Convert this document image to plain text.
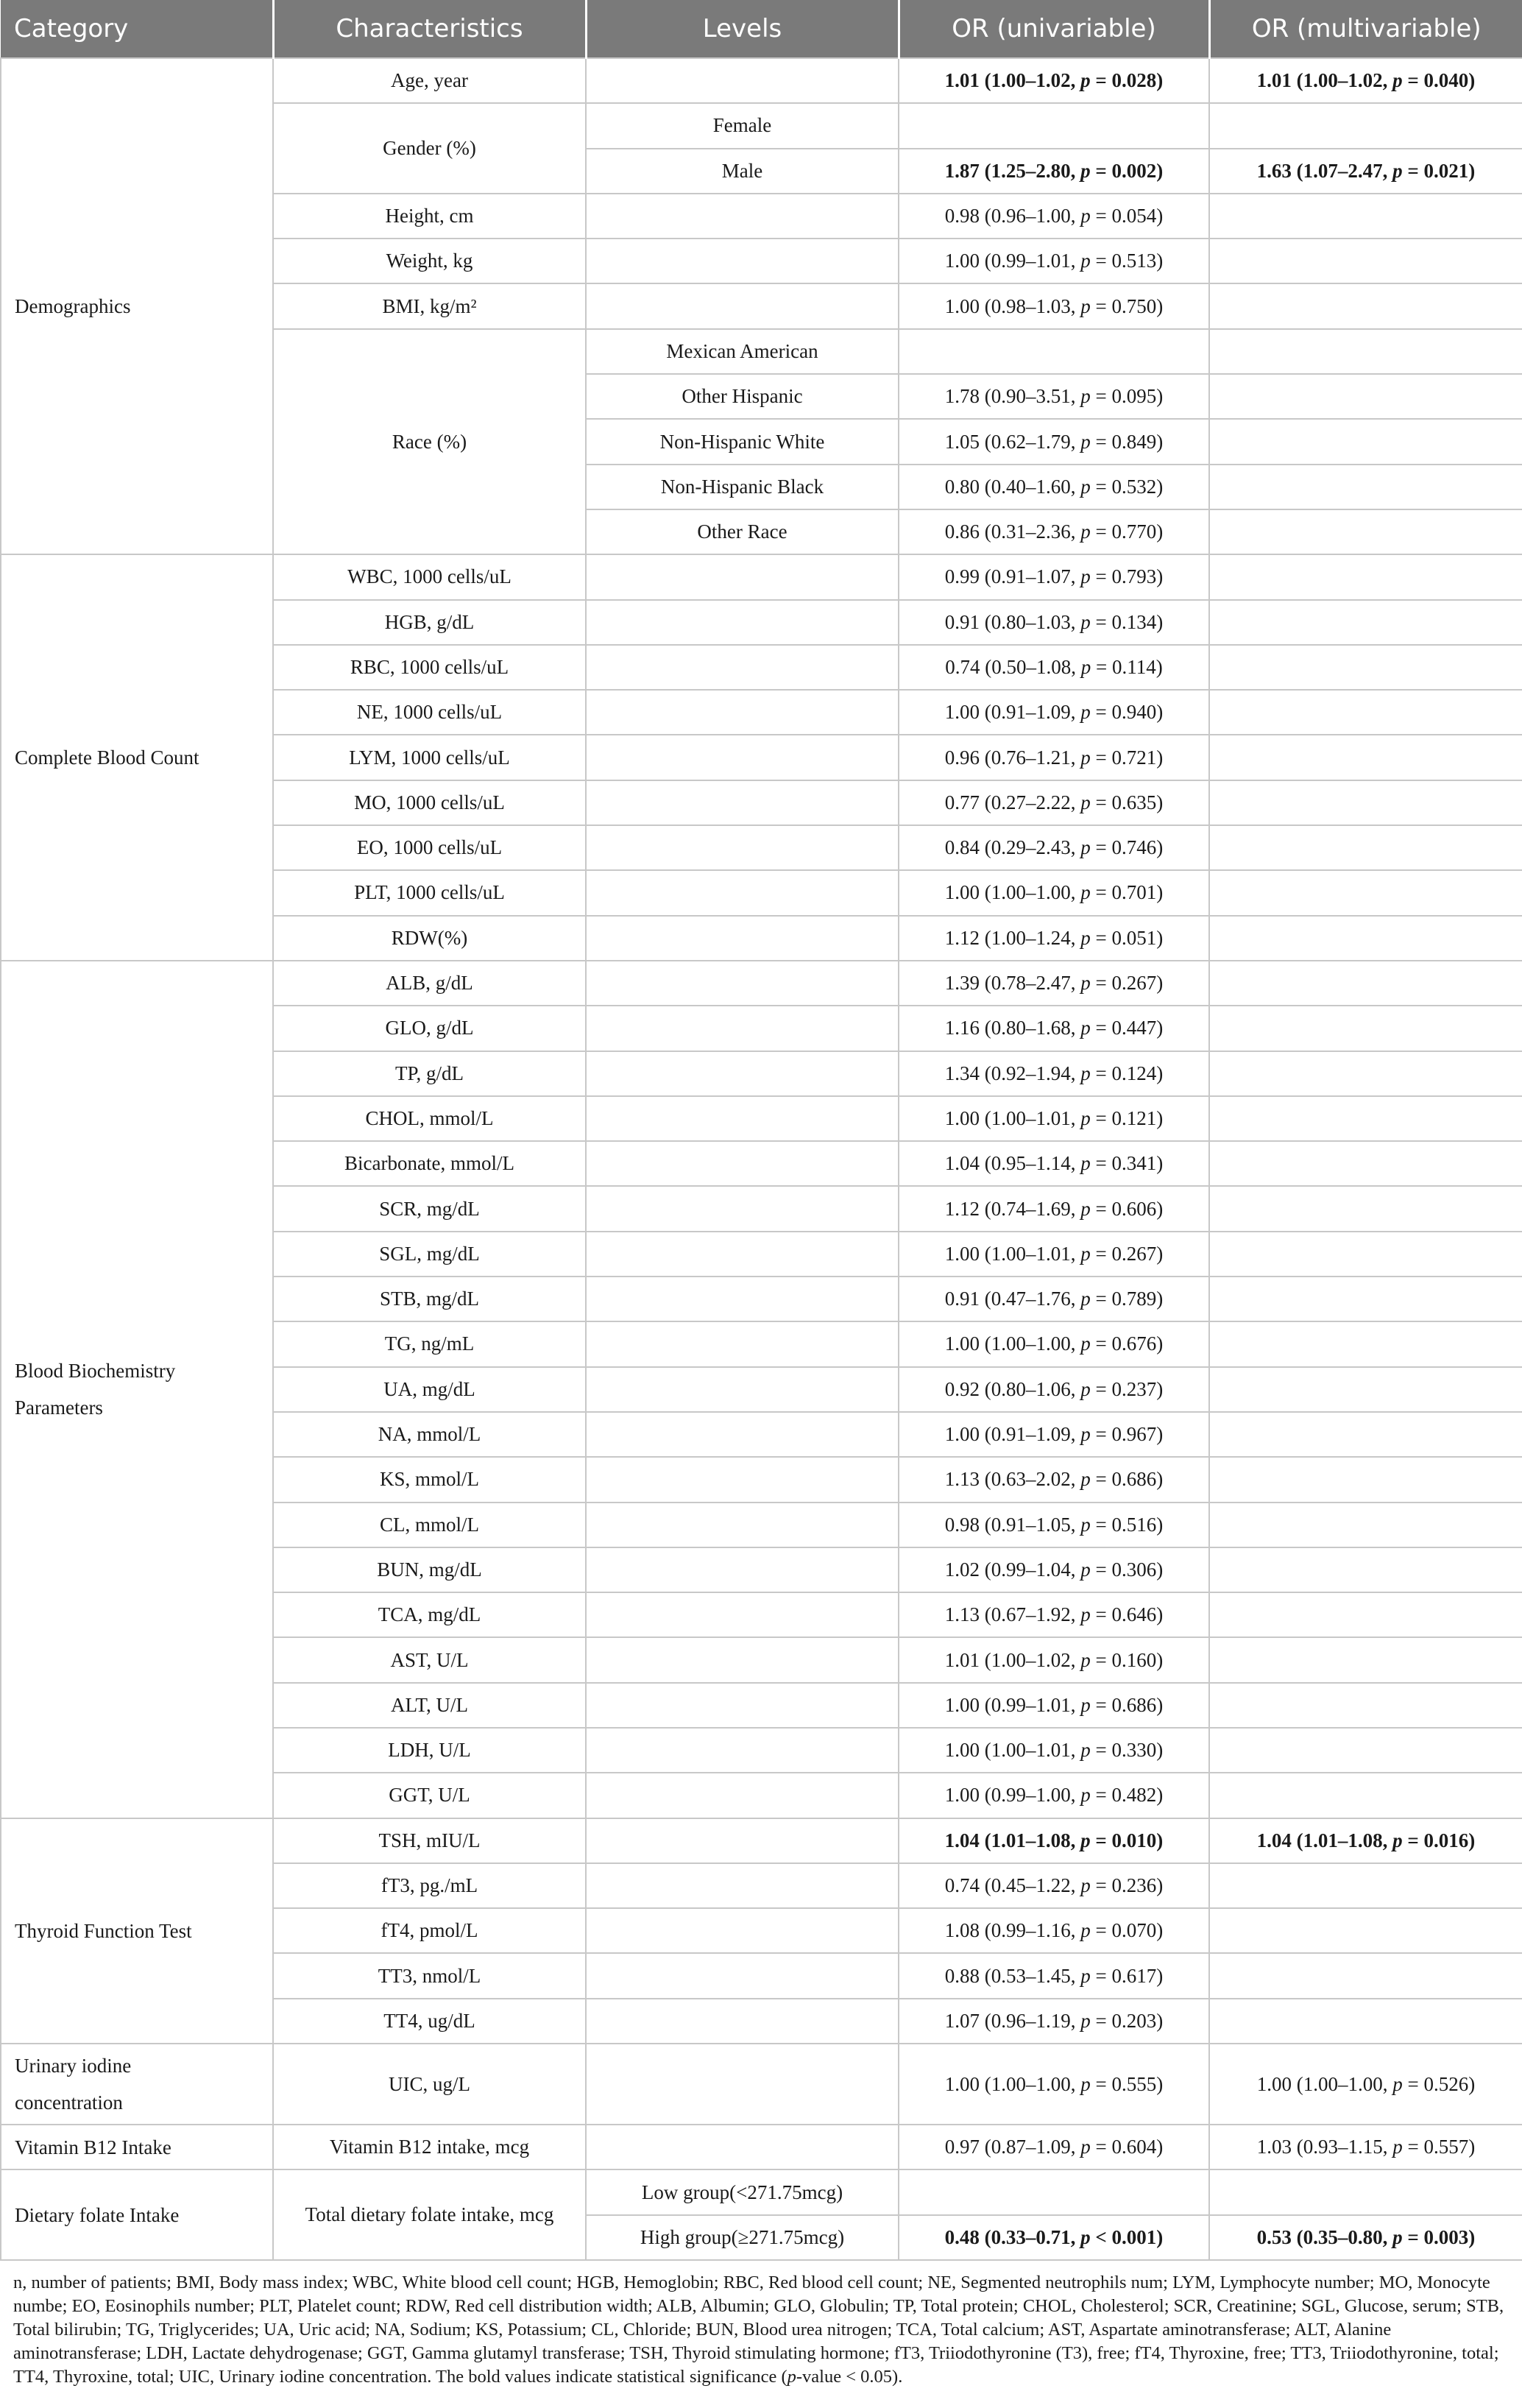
Category	Characteristics	Levels	OR (univariable)	OR (multivariable)
Demographics	Age, year		1.01 (1.00–1.02, p = 0.028)	1.01 (1.00–1.02, p = 0.040)
	Gender (%)	Female		
		Male	1.87 (1.25–2.80, p = 0.002)	1.63 (1.07–2.47, p = 0.021)
	Height, cm		0.98 (0.96–1.00, p = 0.054)	
	Weight, kg		1.00 (0.99–1.01, p = 0.513)	
	BMI, kg/m²		1.00 (0.98–1.03, p = 0.750)	
	Race (%)	Mexican American		
		Other Hispanic	1.78 (0.90–3.51, p = 0.095)	
		Non-Hispanic White	1.05 (0.62–1.79, p = 0.849)	
		Non-Hispanic Black	0.80 (0.40–1.60, p = 0.532)	
		Other Race	0.86 (0.31–2.36, p = 0.770)	
Complete Blood Count	WBC, 1000 cells/uL		0.99 (0.91–1.07, p = 0.793)	
	HGB, g/dL		0.91 (0.80–1.03, p = 0.134)	
	RBC, 1000 cells/uL		0.74 (0.50–1.08, p = 0.114)	
	NE, 1000 cells/uL		1.00 (0.91–1.09, p = 0.940)	
	LYM, 1000 cells/uL		0.96 (0.76–1.21, p = 0.721)	
	MO, 1000 cells/uL		0.77 (0.27–2.22, p = 0.635)	
	EO, 1000 cells/uL		0.84 (0.29–2.43, p = 0.746)	
	PLT, 1000 cells/uL		1.00 (1.00–1.00, p = 0.701)	
	RDW(%)		1.12 (1.00–1.24, p = 0.051)	
Blood Biochemistry
Parameters	ALB, g/dL		1.39 (0.78–2.47, p = 0.267)	
	GLO, g/dL		1.16 (0.80–1.68, p = 0.447)	
	TP, g/dL		1.34 (0.92–1.94, p = 0.124)	
	CHOL, mmol/L		1.00 (1.00–1.01, p = 0.121)	
	Bicarbonate, mmol/L		1.04 (0.95–1.14, p = 0.341)	
	SCR, mg/dL		1.12 (0.74–1.69, p = 0.606)	
	SGL, mg/dL		1.00 (1.00–1.01, p = 0.267)	
	STB, mg/dL		0.91 (0.47–1.76, p = 0.789)	
	TG, ng/mL		1.00 (1.00–1.00, p = 0.676)	
	UA, mg/dL		0.92 (0.80–1.06, p = 0.237)	
	NA, mmol/L		1.00 (0.91–1.09, p = 0.967)	
	KS, mmol/L		1.13 (0.63–2.02, p = 0.686)	
	CL, mmol/L		0.98 (0.91–1.05, p = 0.516)	
	BUN, mg/dL		1.02 (0.99–1.04, p = 0.306)	
	TCA, mg/dL		1.13 (0.67–1.92, p = 0.646)	
	AST, U/L		1.01 (1.00–1.02, p = 0.160)	
	ALT, U/L		1.00 (0.99–1.01, p = 0.686)	
	LDH, U/L		1.00 (1.00–1.01, p = 0.330)	
	GGT, U/L		1.00 (0.99–1.00, p = 0.482)	
Thyroid Function Test	TSH, mIU/L		1.04 (1.01–1.08, p = 0.010)	1.04 (1.01–1.08, p = 0.016)
	fT3, pg./mL		0.74 (0.45–1.22, p = 0.236)	
	fT4, pmol/L		1.08 (0.99–1.16, p = 0.070)	
	TT3, nmol/L		0.88 (0.53–1.45, p = 0.617)	
	TT4, ug/dL		1.07 (0.96–1.19, p = 0.203)	
Urinary iodine
concentration	UIC, ug/L		1.00 (1.00–1.00, p = 0.555)	1.00 (1.00–1.00, p = 0.526)
Vitamin B12 Intake	Vitamin B12 intake, mcg		0.97 (0.87–1.09, p = 0.604)	1.03 (0.93–1.15, p = 0.557)
Dietary folate Intake	Total dietary folate intake, mcg	Low group(<271.75mcg)		
		High group(≥271.75mcg)	0.48 (0.33–0.71, p < 0.001)	0.53 (0.35–0.80, p = 0.003)
n, number of patients; BMI, Body mass index; WBC, White blood cell count; HGB, Hemoglobin; RBC, Red blood cell count; NE, Segmented neutrophils num; LYM, Lymphocyte number; MO, Monocyte numbe; EO, Eosinophils number; PLT, Platelet count; RDW, Red cell distribution width; ALB, Albumin; GLO, Globulin; TP, Total protein; CHOL, Cholesterol; SCR, Creatinine; SGL, Glucose, serum; STB, Total bilirubin; TG, Triglycerides; UA, Uric acid; NA, Sodium; KS, Potassium; CL, Chloride; BUN, Blood urea nitrogen; TCA, Total calcium; AST, Aspartate aminotransferase; ALT, Alanine aminotransferase; LDH, Lactate dehydrogenase; GGT, Gamma glutamyl transferase; TSH, Thyroid stimulating hormone; fT3, Triiodothyronine (T3), free; fT4, Thyroxine, free; TT3, Triiodothyronine, total; TT4, Thyroxine, total; UIC, Urinary iodine concentration. The bold values indicate statistical significance (p-value < 0.05).
